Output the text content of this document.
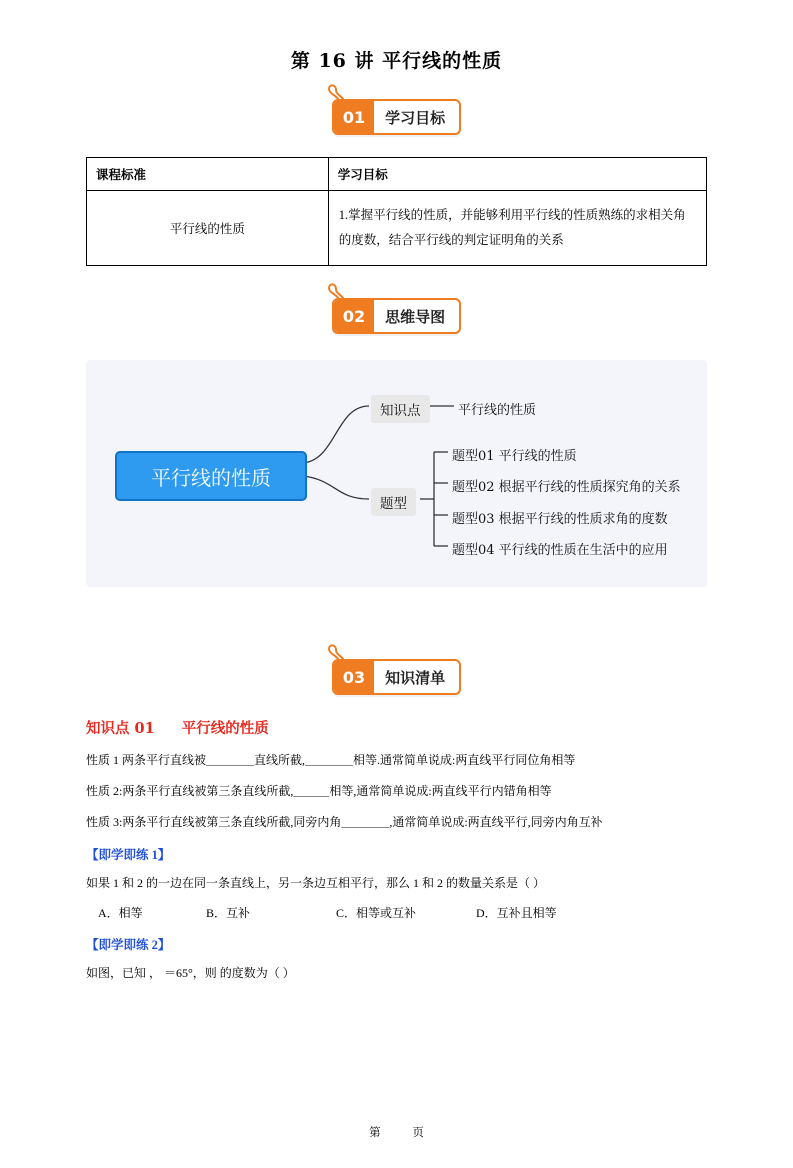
第 16 讲 平行线的性质
01	学习目标
课程标准	学习目标
平行线的性质	1.掌握平行线的性质，并能够利用平行线的性质熟练的求相关角的度数，结合平行线的判定证明角的关系
02	思维导图
平行线的性质
知识点	平行线的性质
题型
题型01 平行线的性质
题型02 根据平行线的性质探究角的关系
题型03 根据平行线的性质求角的度数
题型04 平行线的性质在生活中的应用
03	知识清单
知识点 01 平行线的性质
性质 1 两条平行直线被＿＿＿＿直线所截,＿＿＿＿相等.通常简单说成:两直线平行同位角相等
性质 2:两条平行直线被第三条直线所截,＿＿＿相等,通常简单说成:两直线平行内错角相等
性质 3:两条平行直线被第三条直线所截,同旁内角＿＿＿＿,通常简单说成:两直线平行,同旁内角互补
【即学即练 1】
如果 1 和 2 的一边在同一条直线上，另一条边互相平行，那么 1 和 2 的数量关系是（ ）
A．相等	B．互补	C．相等或互补	D．互补且相等
【即学即练 2】
如图，已知 ， ＝65°，则 的度数为（ ）
第	页
